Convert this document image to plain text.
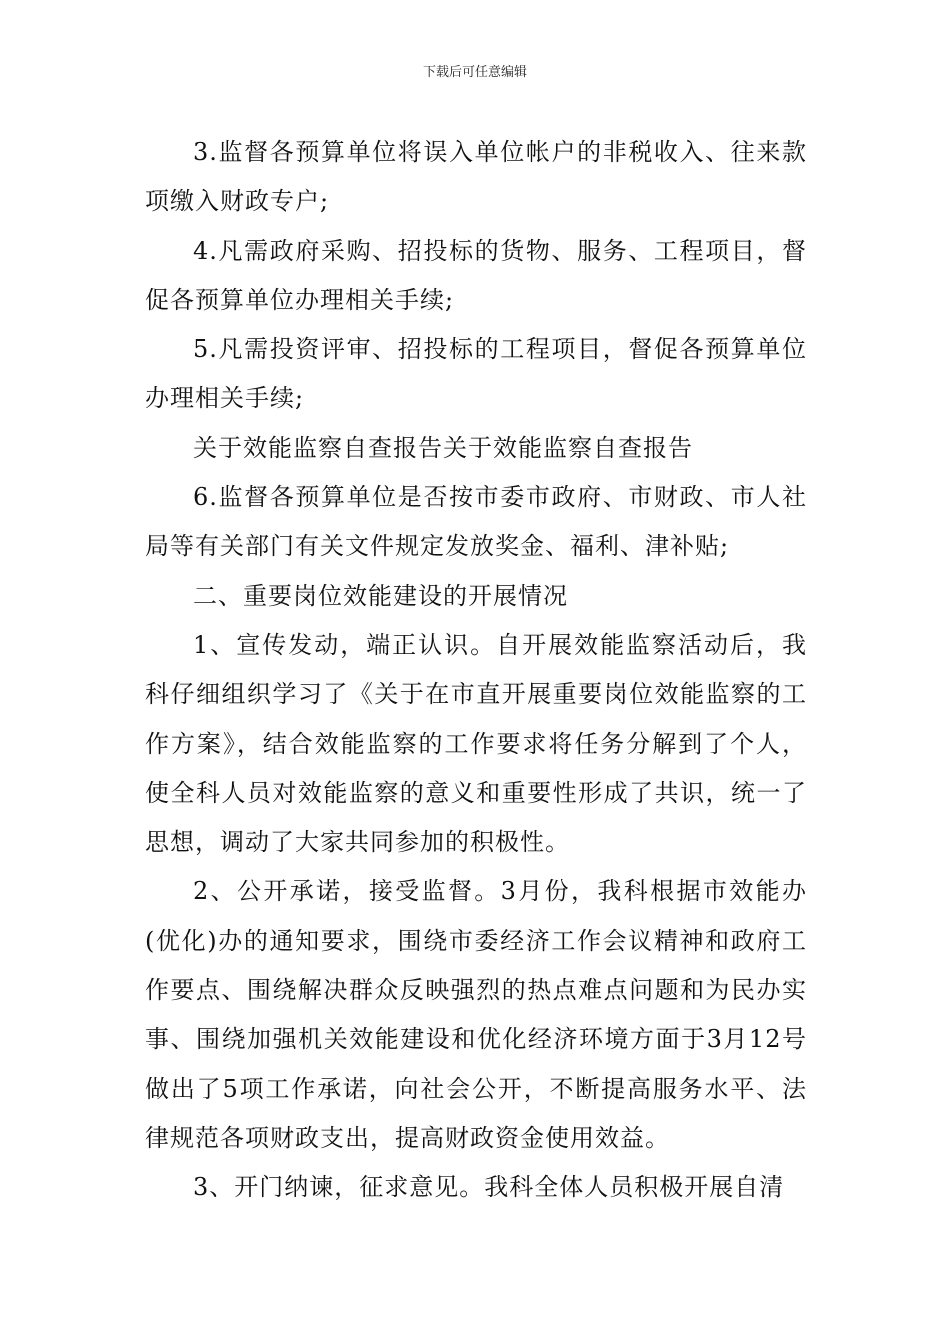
下载后可任意编辑

3.监督各预算单位将误入单位帐户的非税收入、往来款项缴入财政专户;

4.凡需政府采购、招投标的货物、服务、工程项目，督促各预算单位办理相关手续;

5.凡需投资评审、招投标的工程项目，督促各预算单位办理相关手续;

关于效能监察自查报告关于效能监察自查报告

6.监督各预算单位是否按市委市政府、市财政、市人社局等有关部门有关文件规定发放奖金、福利、津补贴;

二、重要岗位效能建设的开展情况

1、宣传发动，端正认识。自开展效能监察活动后，我科仔细组织学习了《关于在市直开展重要岗位效能监察的工作方案》，结合效能监察的工作要求将任务分解到了个人，使全科人员对效能监察的意义和重要性形成了共识，统一了思想，调动了大家共同参加的积极性。

2、公开承诺，接受监督。3月份，我科根据市效能办(优化)办的通知要求，围绕市委经济工作会议精神和政府工作要点、围绕解决群众反映强烈的热点难点问题和为民办实事、围绕加强机关效能建设和优化经济环境方面于3月12号做出了5项工作承诺，向社会公开，不断提高服务水平、法律规范各项财政支出，提高财政资金使用效益。

3、开门纳谏，征求意见。我科全体人员积极开展自清
